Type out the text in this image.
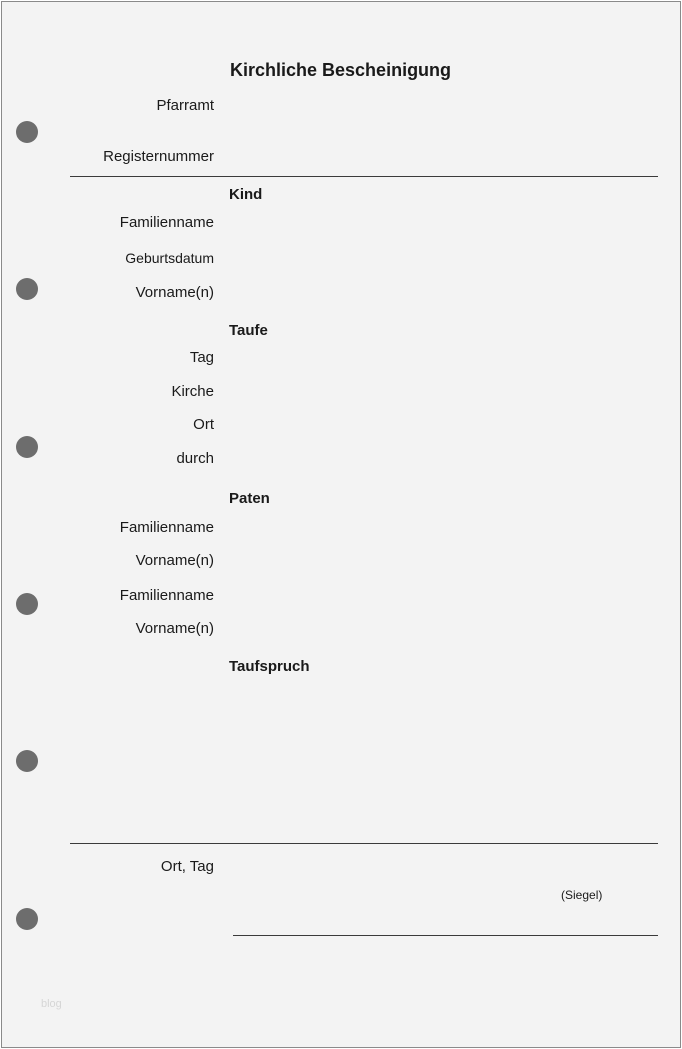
Kirchliche Bescheinigung
Pfarramt
Registernummer
Kind
Familienname
Geburtsdatum
Vorname(n)
Taufe
Tag
Kirche
Ort
durch
Paten
Familienname
Vorname(n)
Familienname
Vorname(n)
Taufspruch
Ort, Tag
(Siegel)
blog
